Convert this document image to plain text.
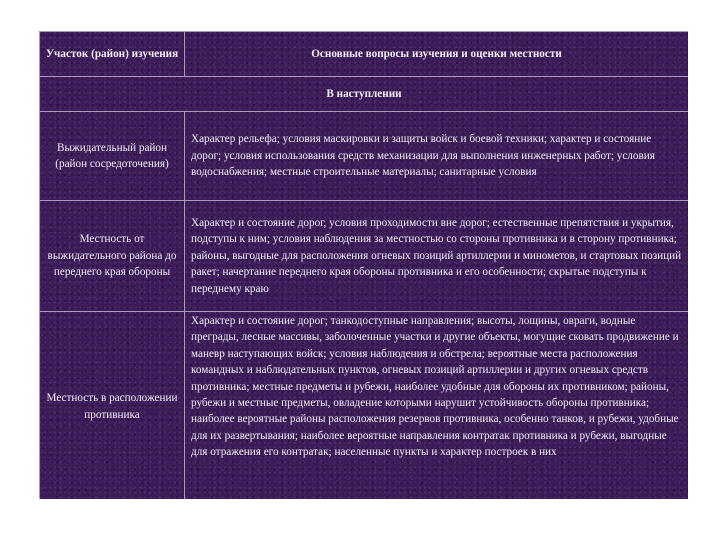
Участок (район) изучения	Основные вопросы изучения и оценки местности
В наступлении	
Выжидательный район (район сосредоточения)	Характер рельефа; условия маскировки и защиты войск и боевой техники; характер и состояние дорог; условия использования средств механизации для выполнения инженерных работ; условия водоснабжения; местные строительные материалы; санитарные условия
Местность от выжидательного района до переднего края обороны	Характер и состояние дорог, условия проходимости вне дорог; естественные препятствия и укрытия, подступы к ним; условия наблюдения за местностью со стороны противника и в сторону противника; районы, выгодные для расположения огневых позиций артиллерии и минометов, и стартовых позиций ракет; начертание переднего края обороны противника и его особенности; скрытые подступы к переднему краю
Местность в расположении противника	Характер и состояние дорог; танкодоступные направления; высоты, лощины, овраги, водные преграды, лесные массивы, заболоченные участки и другие объекты, могущие сковать продвижение и маневр наступающих войск; условия наблюдения и обстрела; вероятные места расположения командных и наблюдательных пунктов, огневых позиций артиллерии и других огневых средств противника; местные предметы и рубежи, наиболее удобные для обороны их противником; районы, рубежи и местные предметы, овладение которыми нарушит устойчивость обороны противника; наиболее вероятные районы расположения резервов противника, особенно танков, и рубежи, удобные для их развертывания; наиболее вероятные направления контратак противника и рубежи, выгодные для отражения его контратак; населенные пункты и характер построек в них
